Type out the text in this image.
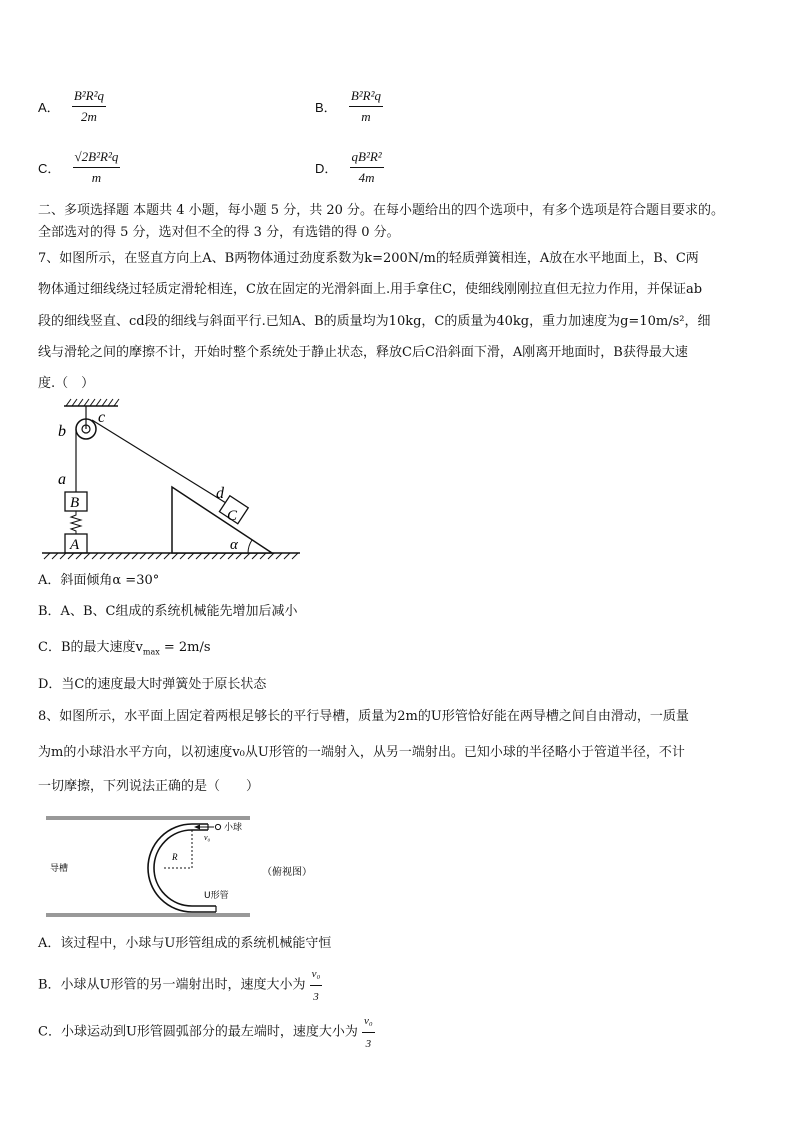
A． $\frac{\text{B²R²q}}{2m}$	B． $\frac{\text{B²R²q}}{m}$
C． $\frac{\text{√2B²R²q}}{m}$	D． $\frac{\text{qB²R²}}{4m}$
二、多项选择题 本题共 4 小题，每小题 5 分，共 20 分。在每小题给出的四个选项中，有多个选项是符合题目要求的。
全部选对的得 5 分，选对但不全的得 3 分，有选错的得 0 分。
7、如图所示，在竖直方向上A、B两物体通过劲度系数为k=200N/m的轻质弹簧相连，A放在水平地面上，B、C两
物体通过细线绕过轻质定滑轮相连，C放在固定的光滑斜面上.用手拿住C，使细线刚刚拉直但无拉力作用，并保证ab
段的细线竖直、cd段的细线与斜面平行.已知A、B的质量均为10kg，C的质量为40kg，重力加速度为g=10m/s²，细
线与滑轮之间的摩擦不计，开始时整个系统处于静止状态，释放C后C沿斜面下滑，A刚离开地面时，B获得最大速
度.（　）
c
b
a
d
B
A
C
α
A．斜面倾角α =30°
B．A、B、C组成的系统机械能先增加后减小
C．B的最大速度$v_{max} = 2m/s$
D．当C的速度最大时弹簧处于原长状态
8、如图所示，水平面上固定着两根足够长的平行导槽，质量为2m的U形管恰好能在两导槽之间自由滑动，一质量
为m的小球沿水平方向，以初速度v₀从U形管的一端射入，从另一端射出。已知小球的半径略小于管道半径，不计
一切摩擦，下列说法正确的是（　　）
导槽
小球
v₀
R
U形管
（俯视图）
A．该过程中，小球与U形管组成的系统机械能守恒
B．小球从U形管的另一端射出时，速度大小为 $\frac{\text{v₀}}{3}$
C．小球运动到U形管圆弧部分的最左端时，速度大小为 $\frac{\text{v₀}}{3}$
